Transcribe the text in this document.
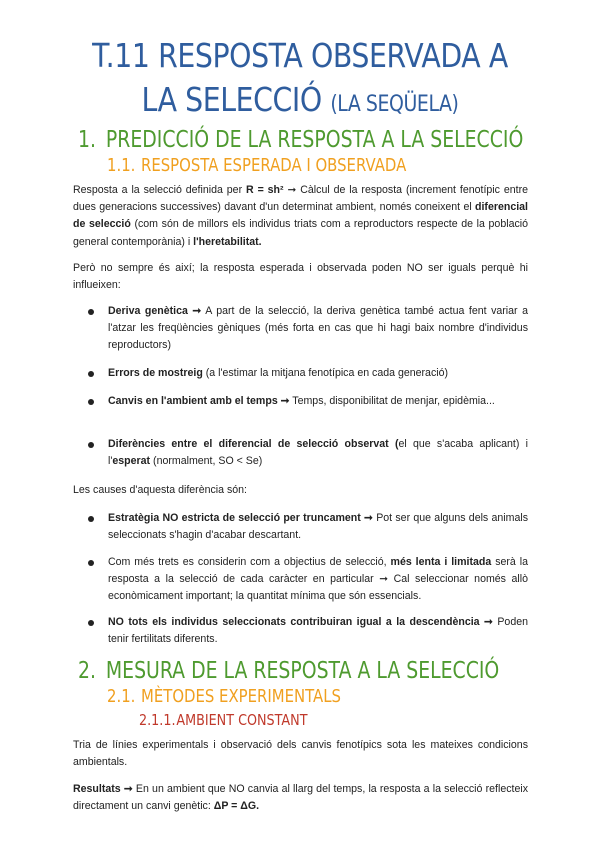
T.11 RESPOSTA OBSERVADA A
LA SELECCIÓ (LA SEQÜELA)
1. PREDICCIÓ DE LA RESPOSTA A LA SELECCIÓ
1.1. RESPOSTA ESPERADA I OBSERVADA
Resposta a la selecció definida per R = sh² ➞ Càlcul de la resposta (increment fenotípic entre dues generacions successives) davant d'un determinat ambient, només coneixent el diferencial de selecció (com són de millors els individus triats com a reproductors respecte de la població general contemporània) i l'heretabilitat.
Però no sempre és així; la resposta esperada i observada poden NO ser iguals perquè hi influeixen:
Deriva genètica ➞ A part de la selecció, la deriva genètica també actua fent variar a l'atzar les freqüències gèniques (més forta en cas que hi hagi baix nombre d'individus reproductors)
Errors de mostreig (a l'estimar la mitjana fenotípica en cada generació)
Canvis en l'ambient amb el temps ➞ Temps, disponibilitat de menjar, epidèmia...
Diferències entre el diferencial de selecció observat (el que s'acaba aplicant) i l'esperat (normalment, SO < Se)
Les causes d'aquesta diferència són:
Estratègia NO estricta de selecció per truncament ➞ Pot ser que alguns dels animals seleccionats s'hagin d'acabar descartant.
Com més trets es considerin com a objectius de selecció, més lenta i limitada serà la resposta a la selecció de cada caràcter en particular ➞ Cal seleccionar només allò econòmicament important; la quantitat mínima que són essencials.
NO tots els individus seleccionats contribuiran igual a la descendència ➞ Poden tenir fertilitats diferents.
2. MESURA DE LA RESPOSTA A LA SELECCIÓ
2.1. MÈTODES EXPERIMENTALS
2.1.1.AMBIENT CONSTANT
Tria de línies experimentals i observació dels canvis fenotípics sota les mateixes condicions ambientals.
Resultats ➞ En un ambient que NO canvia al llarg del temps, la resposta a la selecció reflecteix directament un canvi genètic: ΔP = ΔG.
